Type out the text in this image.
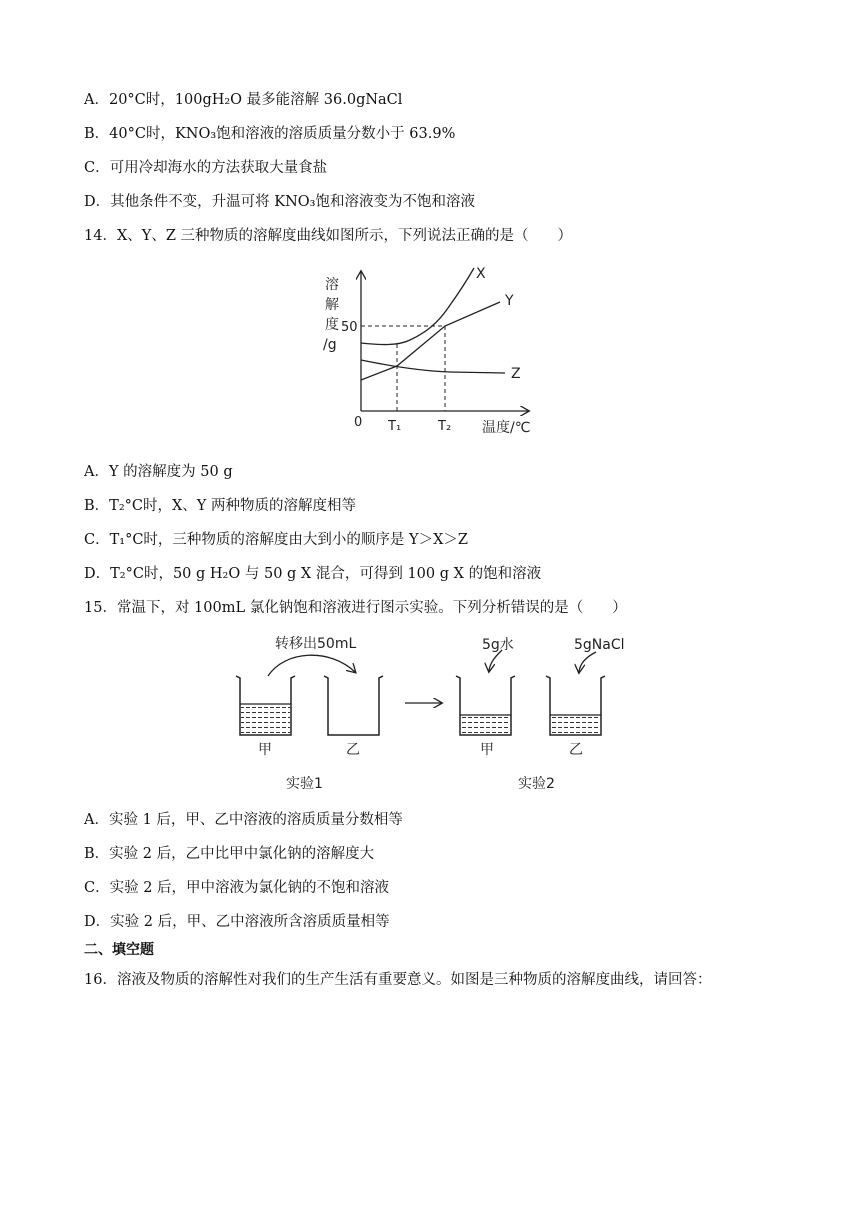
A．20°C时，100gH₂O 最多能溶解 36.0gNaCl
B．40°C时，KNO₃饱和溶液的溶质质量分数小于 63.9%
C．可用冷却海水的方法获取大量食盐
D．其他条件不变，升温可将 KNO₃饱和溶液变为不饱和溶液
14．X、Y、Z 三种物质的溶解度曲线如图所示，下列说法正确的是（　　）
溶
解
度
/g
50
0 T₁	T₂ 温度/℃
X
Y
Z
A．Y 的溶解度为 50 g
B．T₂°C时，X、Y 两种物质的溶解度相等
C．T₁°C时，三种物质的溶解度由大到小的顺序是 Y＞X＞Z
D．T₂°C时，50 g H₂O 与 50 g X 混合，可得到 100 g X 的饱和溶液
15．常温下，对 100mL 氯化钠饱和溶液进行图示实验。下列分析错误的是（　　）
转移出50mL
甲	乙
实验1
5g水	5gNaCl
甲	乙
实验2
A．实验 1 后，甲、乙中溶液的溶质质量分数相等
B．实验 2 后，乙中比甲中氯化钠的溶解度大
C．实验 2 后，甲中溶液为氯化钠的不饱和溶液
D．实验 2 后，甲、乙中溶液所含溶质质量相等
二、填空题
16．溶液及物质的溶解性对我们的生产生活有重要意义。如图是三种物质的溶解度曲线，请回答：
